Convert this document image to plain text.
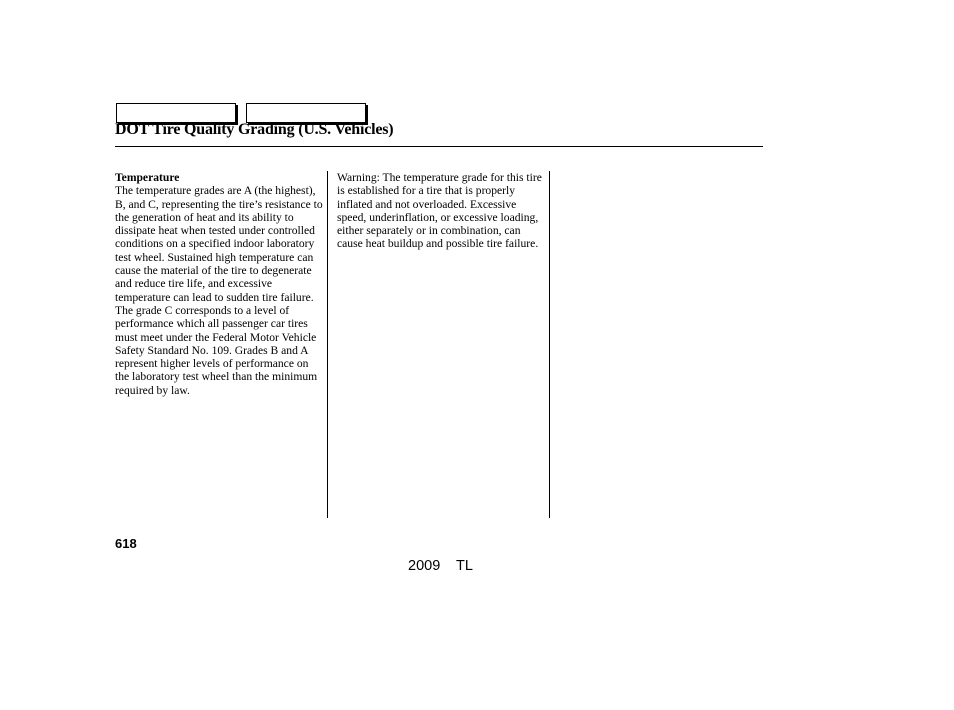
DOT Tire Quality Grading (U.S. Vehicles)
Temperature
The temperature grades are A (the highest), B, and C, representing the tire’s resistance to the generation of heat and its ability to dissipate heat when tested under controlled conditions on a specified indoor laboratory test wheel. Sustained high temperature can cause the material of the tire to degenerate and reduce tire life, and excessive temperature can lead to sudden tire failure. The grade C corresponds to a level of performance which all passenger car tires must meet under the Federal Motor Vehicle Safety Standard No. 109. Grades B and A represent higher levels of performance on the laboratory test wheel than the minimum required by law.
Warning: The temperature grade for this tire is established for a tire that is properly inflated and not overloaded. Excessive speed, underinflation, or excessive loading, either separately or in combination, can cause heat buildup and possible tire failure.
618
2009  TL
